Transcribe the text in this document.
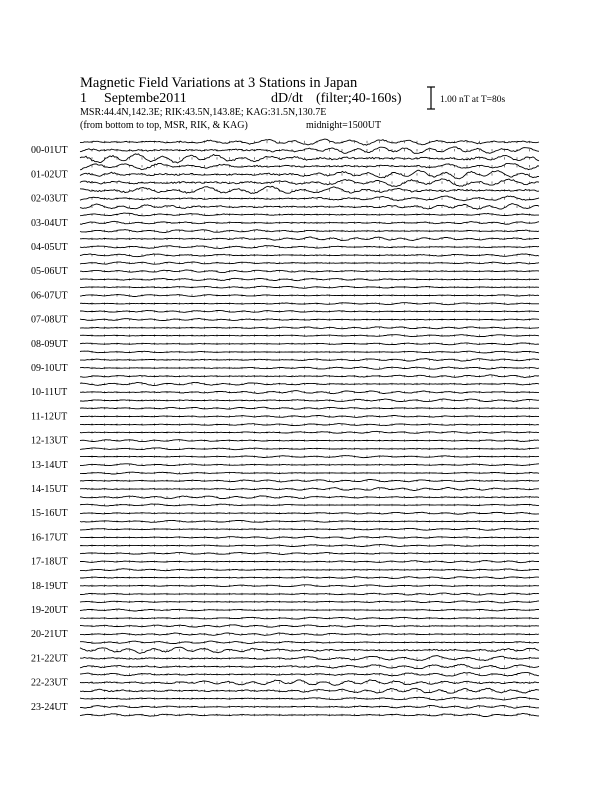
Magnetic Field Variations at 3 Stations in Japan
1 Septembe2011	dD/dt (filter;40-160s)
MSR:44.4N,142.3E; RIK:43.5N,143.8E; KAG:31.5N,130.7E
(from bottom to top, MSR, RIK, & KAG)	midnight=1500UT
1.00 nT at T=80s
00-01UT
01-02UT
02-03UT
03-04UT
04-05UT
05-06UT
06-07UT
07-08UT
08-09UT
09-10UT
10-11UT
11-12UT
12-13UT
13-14UT
14-15UT
15-16UT
16-17UT
17-18UT
18-19UT
19-20UT
20-21UT
21-22UT
22-23UT
23-24UT
